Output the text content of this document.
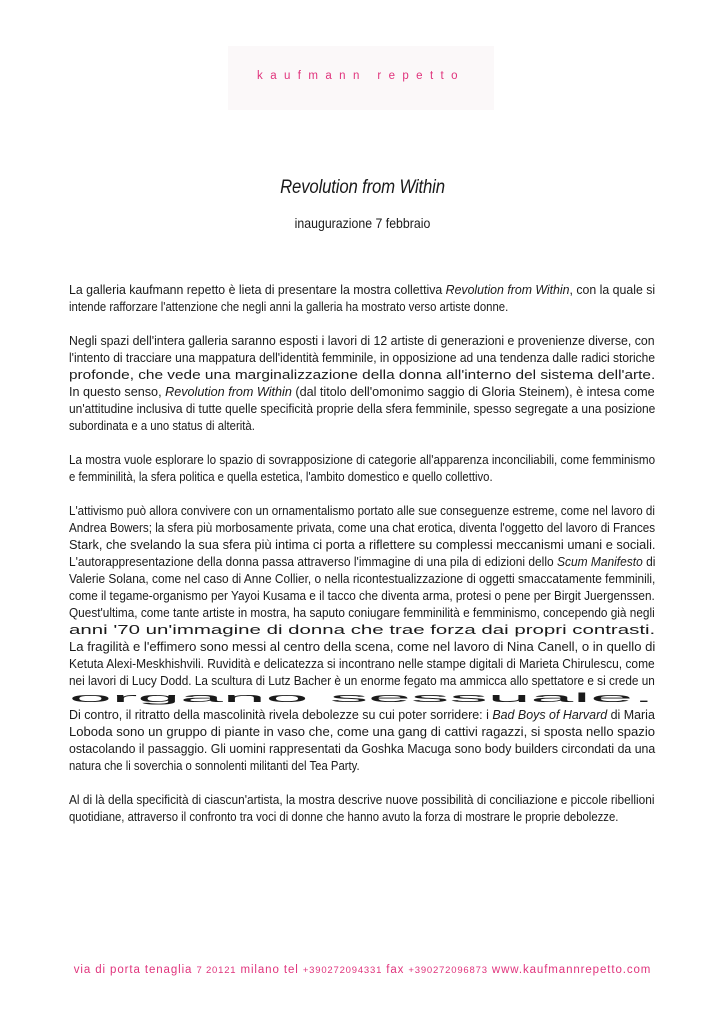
kaufmann repetto
Revolution from Within
inaugurazione 7 febbraio
La galleria kaufmann repetto è lieta di presentare la mostra collettiva Revolution from Within, con la quale si
intende rafforzare l'attenzione che negli anni la galleria ha mostrato verso artiste donne.
Negli spazi dell'intera galleria saranno esposti i lavori di 12 artiste di generazioni e provenienze diverse, con
l'intento di tracciare una mappatura dell'identità femminile, in opposizione ad una tendenza dalle radici storiche
profonde, che vede una marginalizzazione della donna all'interno del sistema dell'arte.
In questo senso, Revolution from Within (dal titolo dell'omonimo saggio di Gloria Steinem), è intesa come
un'attitudine inclusiva di tutte quelle specificità proprie della sfera femminile, spesso segregate a una posizione
subordinata e a uno status di alterità.
La mostra vuole esplorare lo spazio di sovrapposizione di categorie all'apparenza inconciliabili, come femminismo
e femminilità, la sfera politica e quella estetica, l'ambito domestico e quello collettivo.
L'attivismo può allora convivere con un ornamentalismo portato alle sue conseguenze estreme, come nel lavoro di
Andrea Bowers; la sfera più morbosamente privata, come una chat erotica, diventa l'oggetto del lavoro di Frances
Stark, che svelando la sua sfera più intima ci porta a riflettere su complessi meccanismi umani e sociali.
L'autorappresentazione della donna passa attraverso l'immagine di una pila di edizioni dello Scum Manifesto di
Valerie Solana, come nel caso di Anne Collier, o nella ricontestualizzazione di oggetti smaccatamente femminili,
come il tegame-organismo per Yayoi Kusama e il tacco che diventa arma, protesi o pene per Birgit Juergenssen.
Quest'ultima, come tante artiste in mostra, ha saputo coniugare femminilità e femminismo, concependo già negli
anni '70 un'immagine di donna che trae forza dai propri contrasti.
La fragilità e l'effimero sono messi al centro della scena, come nel lavoro di Nina Canell, o in quello di
Ketuta Alexi-Meskhishvili. Ruvidità e delicatezza si incontrano nelle stampe digitali di Marieta Chirulescu, come
nei lavori di Lucy Dodd. La scultura di Lutz Bacher è un enorme fegato ma ammicca allo spettatore e si crede un
organo sessuale.
Di contro, il ritratto della mascolinità rivela debolezze su cui poter sorridere: i Bad Boys of Harvard di Maria
Loboda sono un gruppo di piante in vaso che, come una gang di cattivi ragazzi, si sposta nello spazio
ostacolando il passaggio. Gli uomini rappresentati da Goshka Macuga sono body builders circondati da una
natura che li soverchia o sonnolenti militanti del Tea Party.
Al di là della specificità di ciascun'artista, la mostra descrive nuove possibilità di conciliazione e piccole ribellioni
quotidiane, attraverso il confronto tra voci di donne che hanno avuto la forza di mostrare le proprie debolezze.
via di porta tenaglia 7 20121 milano tel +390272094331 fax +390272096873 www.kaufmannrepetto.com
